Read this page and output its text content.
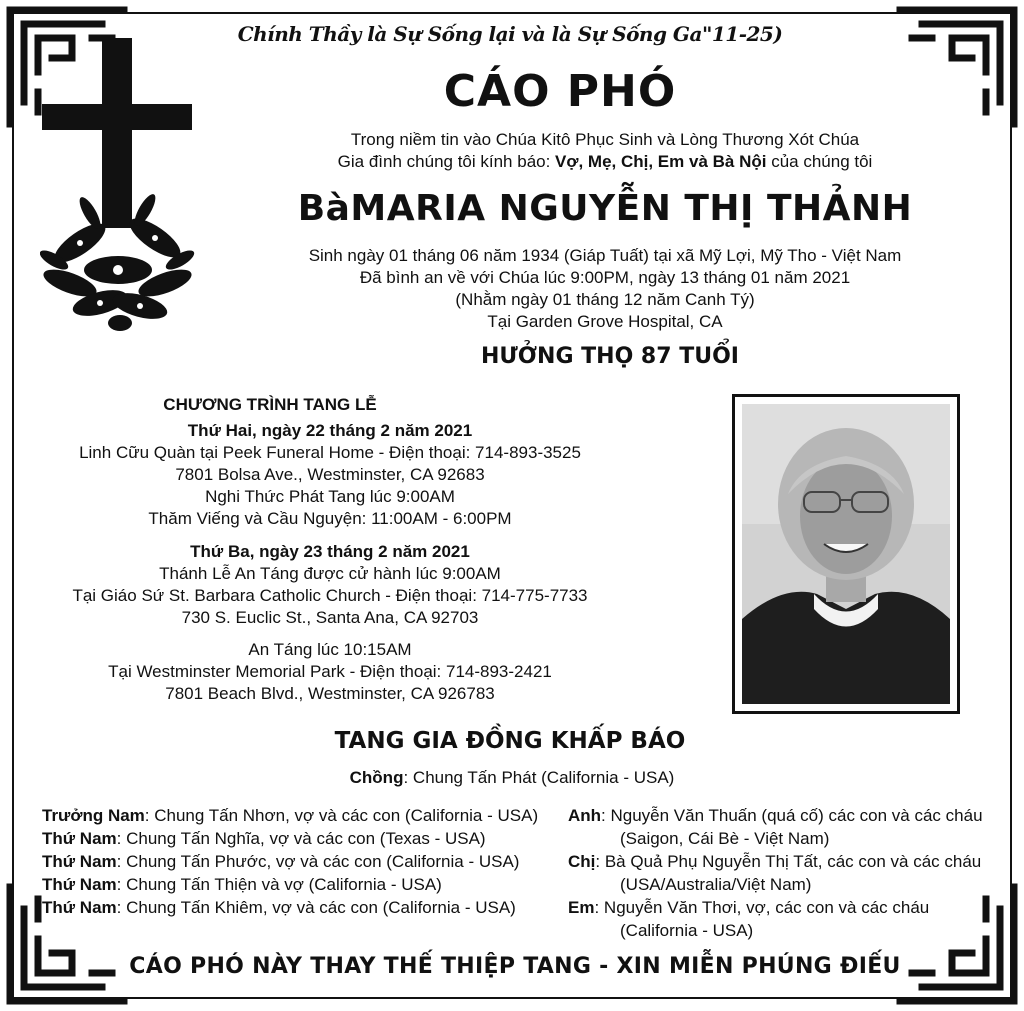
Chính Thầy là Sự Sống lại và là Sự Sống Ga"11-25)
CÁO PHÓ
Trong niềm tin vào Chúa Kitô Phục Sinh và Lòng Thương Xót Chúa
Gia đình chúng tôi kính báo: Vợ, Mẹ, Chị, Em và Bà Nội của chúng tôi
BàMARIA NGUYỄN THỊ THẢNH
Sinh ngày 01 tháng 06 năm 1934 (Giáp Tuất) tại xã Mỹ Lợi, Mỹ Tho - Việt Nam
Đã bình an về với Chúa lúc 9:00PM, ngày 13 tháng 01 năm 2021
(Nhằm ngày 01 tháng 12 năm Canh Tý)
Tại Garden Grove Hospital, CA
HƯỞNG THỌ 87 TUỔI
CHƯƠNG TRÌNH TANG LỄ
Thứ Hai, ngày 22 tháng 2 năm 2021
Linh Cữu Quàn tại Peek Funeral Home - Điện thoại: 714-893-3525
7801 Bolsa Ave., Westminster, CA 92683
Nghi Thức Phát Tang lúc 9:00AM
Thăm Viếng và Cầu Nguyện: 11:00AM - 6:00PM
Thứ Ba, ngày 23 tháng 2 năm 2021
Thánh Lễ An Táng được cử hành lúc 9:00AM
Tại Giáo Sứ St. Barbara Catholic Church - Điện thoại: 714-775-7733
730 S. Euclic St., Santa Ana, CA 92703
An Táng lúc 10:15AM
Tại Westminster Memorial Park - Điện thoại: 714-893-2421
7801 Beach Blvd., Westminster, CA 926783
TANG GIA ĐỒNG KHẤP BÁO
Chồng: Chung Tấn Phát (California - USA)
Trưởng Nam: Chung Tấn Nhơn, vợ và các con (California - USA)
Thứ Nam: Chung Tấn Nghĩa, vợ và các con (Texas - USA)
Thứ Nam: Chung Tấn Phước, vợ và các con (California - USA)
Thứ Nam: Chung Tấn Thiện và vợ (California - USA)
Thứ Nam: Chung Tấn Khiêm, vợ và các con (California - USA)
Anh: Nguyễn Văn Thuấn (quá cố) các con và các cháu
(Saigon, Cái Bè - Việt Nam)
Chị: Bà Quả Phụ Nguyễn Thị Tất, các con và các cháu
(USA/Australia/Việt Nam)
Em: Nguyễn Văn Thơi, vợ, các con và các cháu
(California - USA)
CÁO PHÓ NÀY THAY THẾ THIỆP TANG - XIN MIỄN PHÚNG ĐIẾU
